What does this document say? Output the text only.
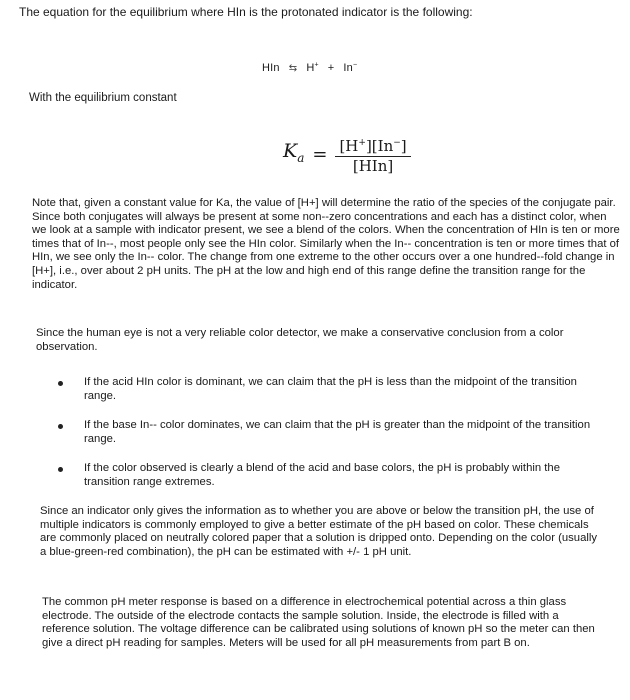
The equation for the equilibrium where HIn is the protonated indicator is the following:

HIn ⇆ H+ + In−

With the equilibrium constant

$K_a = \frac{[H^+][In^-]}{\text{[HIn]}}$

Note that, given a constant value for Ka, the value of [H+] will determine the ratio of the species of the conjugate pair. Since both conjugates will always be present at some non--zero concentrations and each has a distinct color, when we look at a sample with indicator present, we see a blend of the colors. When the concentration of HIn is ten or more times that of In--, most people only see the HIn color. Similarly when the In-- concentration is ten or more times that of HIn, we see only the In-- color. The change from one extreme to the other occurs over a one hundred--fold change in [H+], i.e., over about 2 pH units. The pH at the low and high end of this range define the transition range for the indicator.

Since the human eye is not a very reliable color detector, we make a conservative conclusion from a color observation.

If the acid HIn color is dominant, we can claim that the pH is less than the midpoint of the transition range.
If the base In-- color dominates, we can claim that the pH is greater than the midpoint of the transition range.
If the color observed is clearly a blend of the acid and base colors, the pH is probably within the transition range extremes.

Since an indicator only gives the information as to whether you are above or below the transition pH, the use of multiple indicators is commonly employed to give a better estimate of the pH based on color. These chemicals are commonly placed on neutrally colored paper that a solution is dripped onto. Depending on the color (usually a blue-green-red combination), the pH can be estimated with +/- 1 pH unit.

The common pH meter response is based on a difference in electrochemical potential across a thin glass electrode. The outside of the electrode contacts the sample solution. Inside, the electrode is filled with a reference solution. The voltage difference can be calibrated using solutions of known pH so the meter can then give a direct pH reading for samples. Meters will be used for all pH measurements from part B on.
